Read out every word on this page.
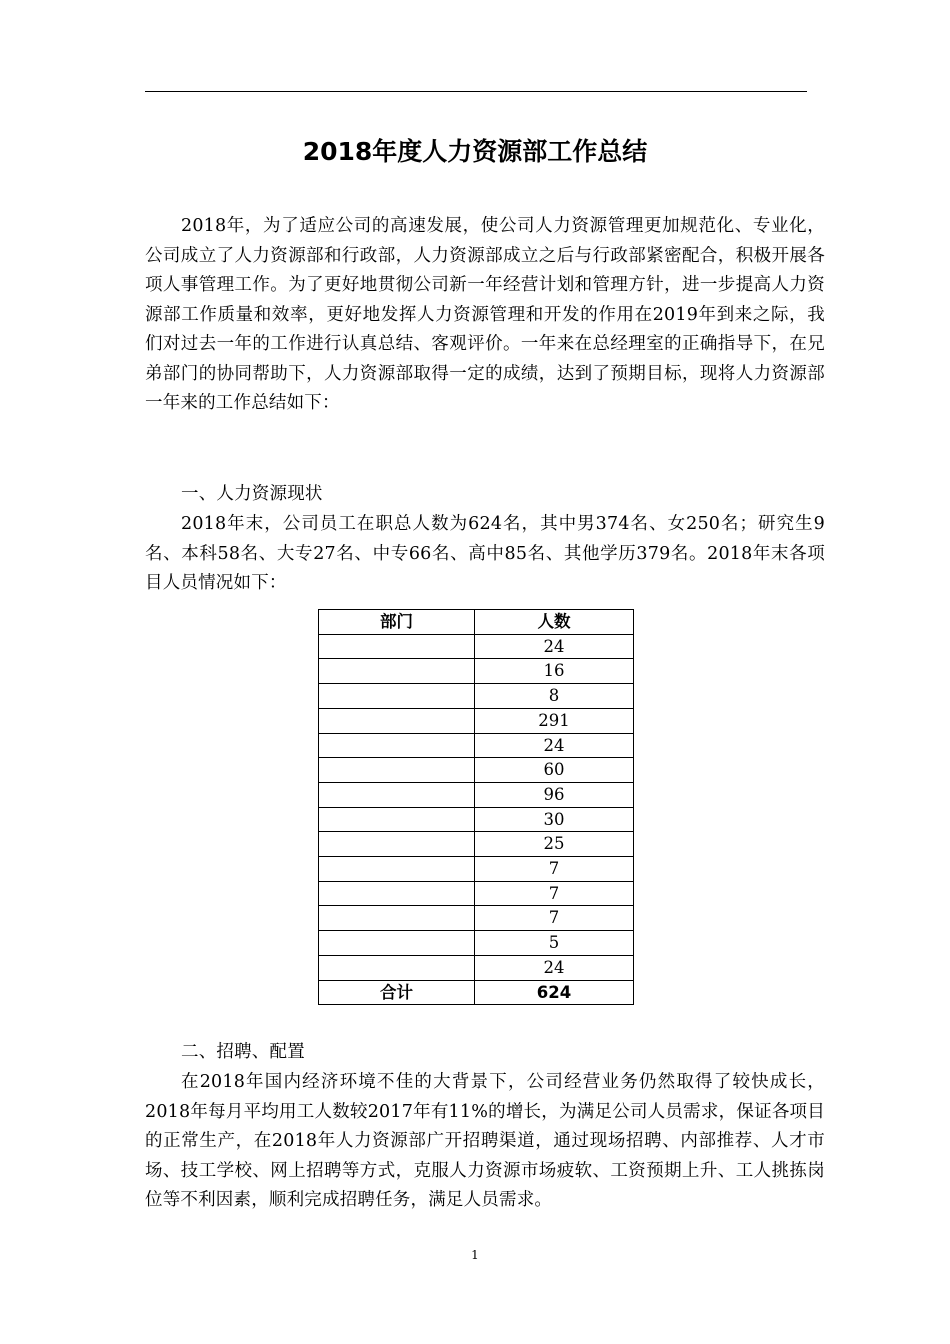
2018年度人力资源部工作总结

2018年，为了适应公司的高速发展，使公司人力资源管理更加规范化、专业化，公司成立了人力资源部和行政部，人力资源部成立之后与行政部紧密配合，积极开展各项人事管理工作。为了更好地贯彻公司新一年经营计划和管理方针，进一步提高人力资源部工作质量和效率，更好地发挥人力资源管理和开发的作用在2019年到来之际，我们对过去一年的工作进行认真总结、客观评价。一年来在总经理室的正确指导下，在兄弟部门的协同帮助下，人力资源部取得一定的成绩，达到了预期目标，现将人力资源部一年来的工作总结如下：

一、人力资源现状

2018年末，公司员工在职总人数为624名，其中男374名、女250名；研究生9名、本科58名、大专27名、中专66名、高中85名、其他学历379名。2018年末各项目人员情况如下：

部门	人数
	24
	16
	8
	291
	24
	60
	96
	30
	25
	7
	7
	7
	5
	24
合计	624

二、招聘、配置

在2018年国内经济环境不佳的大背景下，公司经营业务仍然取得了较快成长，2018年每月平均用工人数较2017年有11%的增长，为满足公司人员需求，保证各项目的正常生产，在2018年人力资源部广开招聘渠道，通过现场招聘、内部推荐、人才市场、技工学校、网上招聘等方式，克服人力资源市场疲软、工资预期上升、工人挑拣岗位等不利因素，顺利完成招聘任务，满足人员需求。

1
